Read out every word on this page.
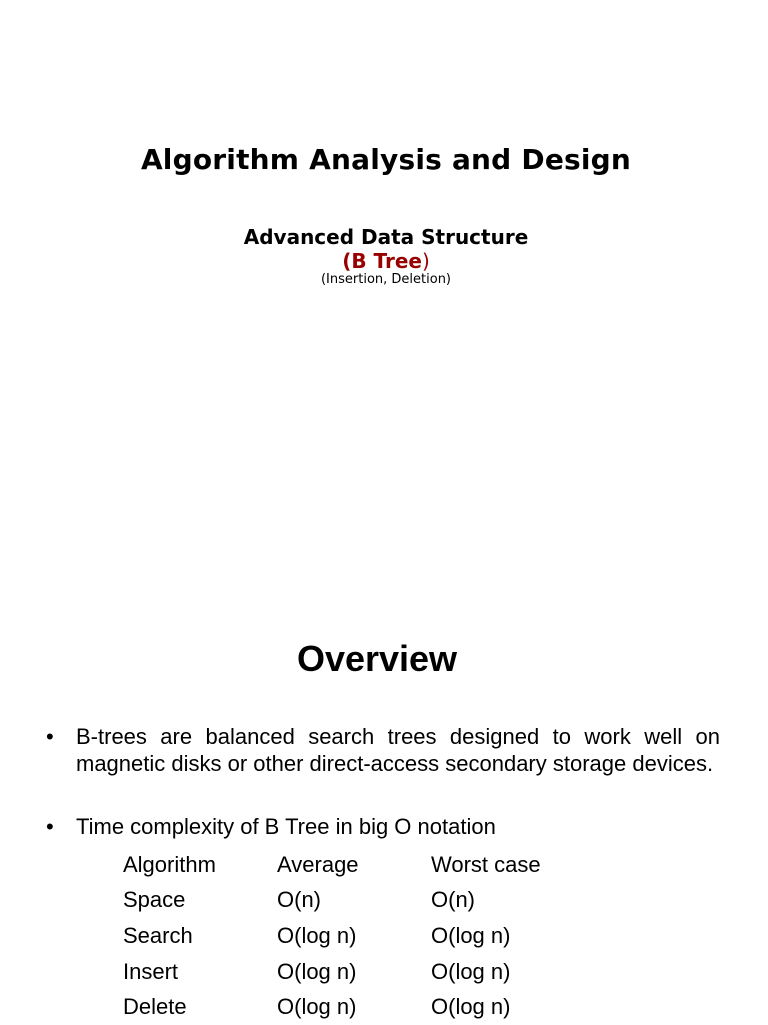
Algorithm Analysis and Design
Advanced Data Structure
(B Tree)
(Insertion, Deletion)
Overview
•	B-trees are balanced search trees designed to work well on magnetic disks or other direct-access secondary storage devices.
•	Time complexity of B Tree in big O notation
Algorithm	Average	Worst case
Space	O(n)	O(n)
Search	O(log n)	O(log n)
Insert	O(log n)	O(log n)
Delete	O(log n)	O(log n)
